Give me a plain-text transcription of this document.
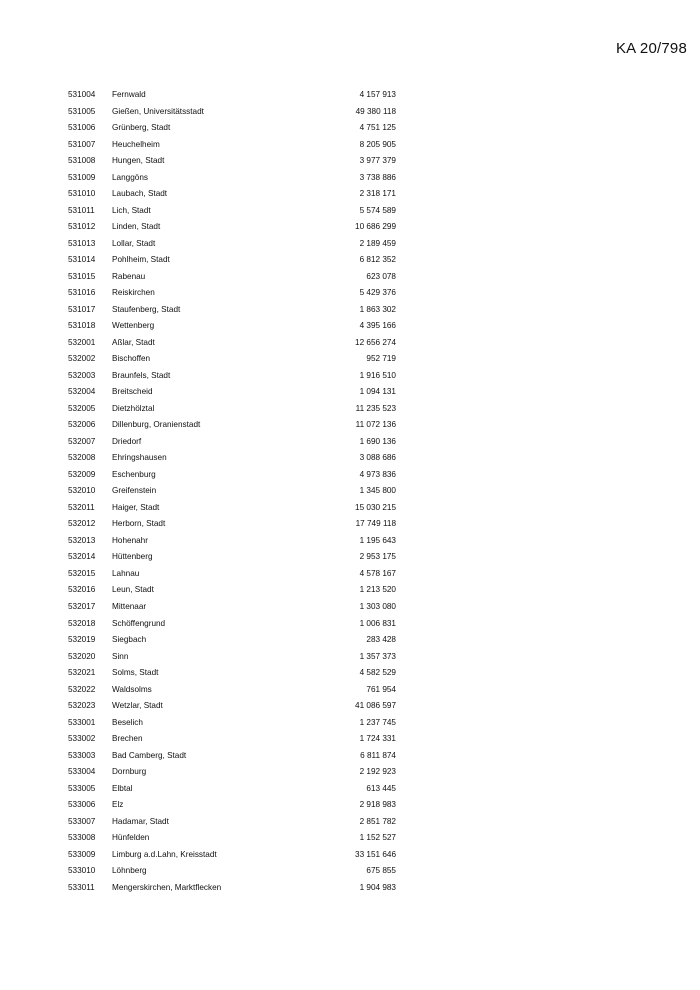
KA 20/798
531004 Fernwald	4 157 913
531005 Gießen, Universitätsstadt	49 380 118
531006 Grünberg, Stadt	4 751 125
531007 Heuchelheim	8 205 905
531008 Hungen, Stadt	3 977 379
531009 Langgöns	3 738 886
531010 Laubach, Stadt	2 318 171
531011 Lich, Stadt	5 574 589
531012 Linden, Stadt	10 686 299
531013 Lollar, Stadt	2 189 459
531014 Pohlheim, Stadt	6 812 352
531015 Rabenau	623 078
531016 Reiskirchen	5 429 376
531017 Staufenberg, Stadt	1 863 302
531018 Wettenberg	4 395 166
532001 Aßlar, Stadt	12 656 274
532002 Bischoffen	952 719
532003 Braunfels, Stadt	1 916 510
532004 Breitscheid	1 094 131
532005 Dietzhölztal	11 235 523
532006 Dillenburg, Oranienstadt	11 072 136
532007 Driedorf	1 690 136
532008 Ehringshausen	3 088 686
532009 Eschenburg	4 973 836
532010 Greifenstein	1 345 800
532011 Haiger, Stadt	15 030 215
532012 Herborn, Stadt	17 749 118
532013 Hohenahr	1 195 643
532014 Hüttenberg	2 953 175
532015 Lahnau	4 578 167
532016 Leun, Stadt	1 213 520
532017 Mittenaar	1 303 080
532018 Schöffengrund	1 006 831
532019 Siegbach	283 428
532020 Sinn	1 357 373
532021 Solms, Stadt	4 582 529
532022 Waldsolms	761 954
532023 Wetzlar, Stadt	41 086 597
533001 Beselich	1 237 745
533002 Brechen	1 724 331
533003 Bad Camberg, Stadt	6 811 874
533004 Dornburg	2 192 923
533005 Elbtal	613 445
533006 Elz	2 918 983
533007 Hadamar, Stadt	2 851 782
533008 Hünfelden	1 152 527
533009 Limburg a.d.Lahn, Kreisstadt	33 151 646
533010 Löhnberg	675 855
533011 Mengerskirchen, Marktflecken	1 904 983
